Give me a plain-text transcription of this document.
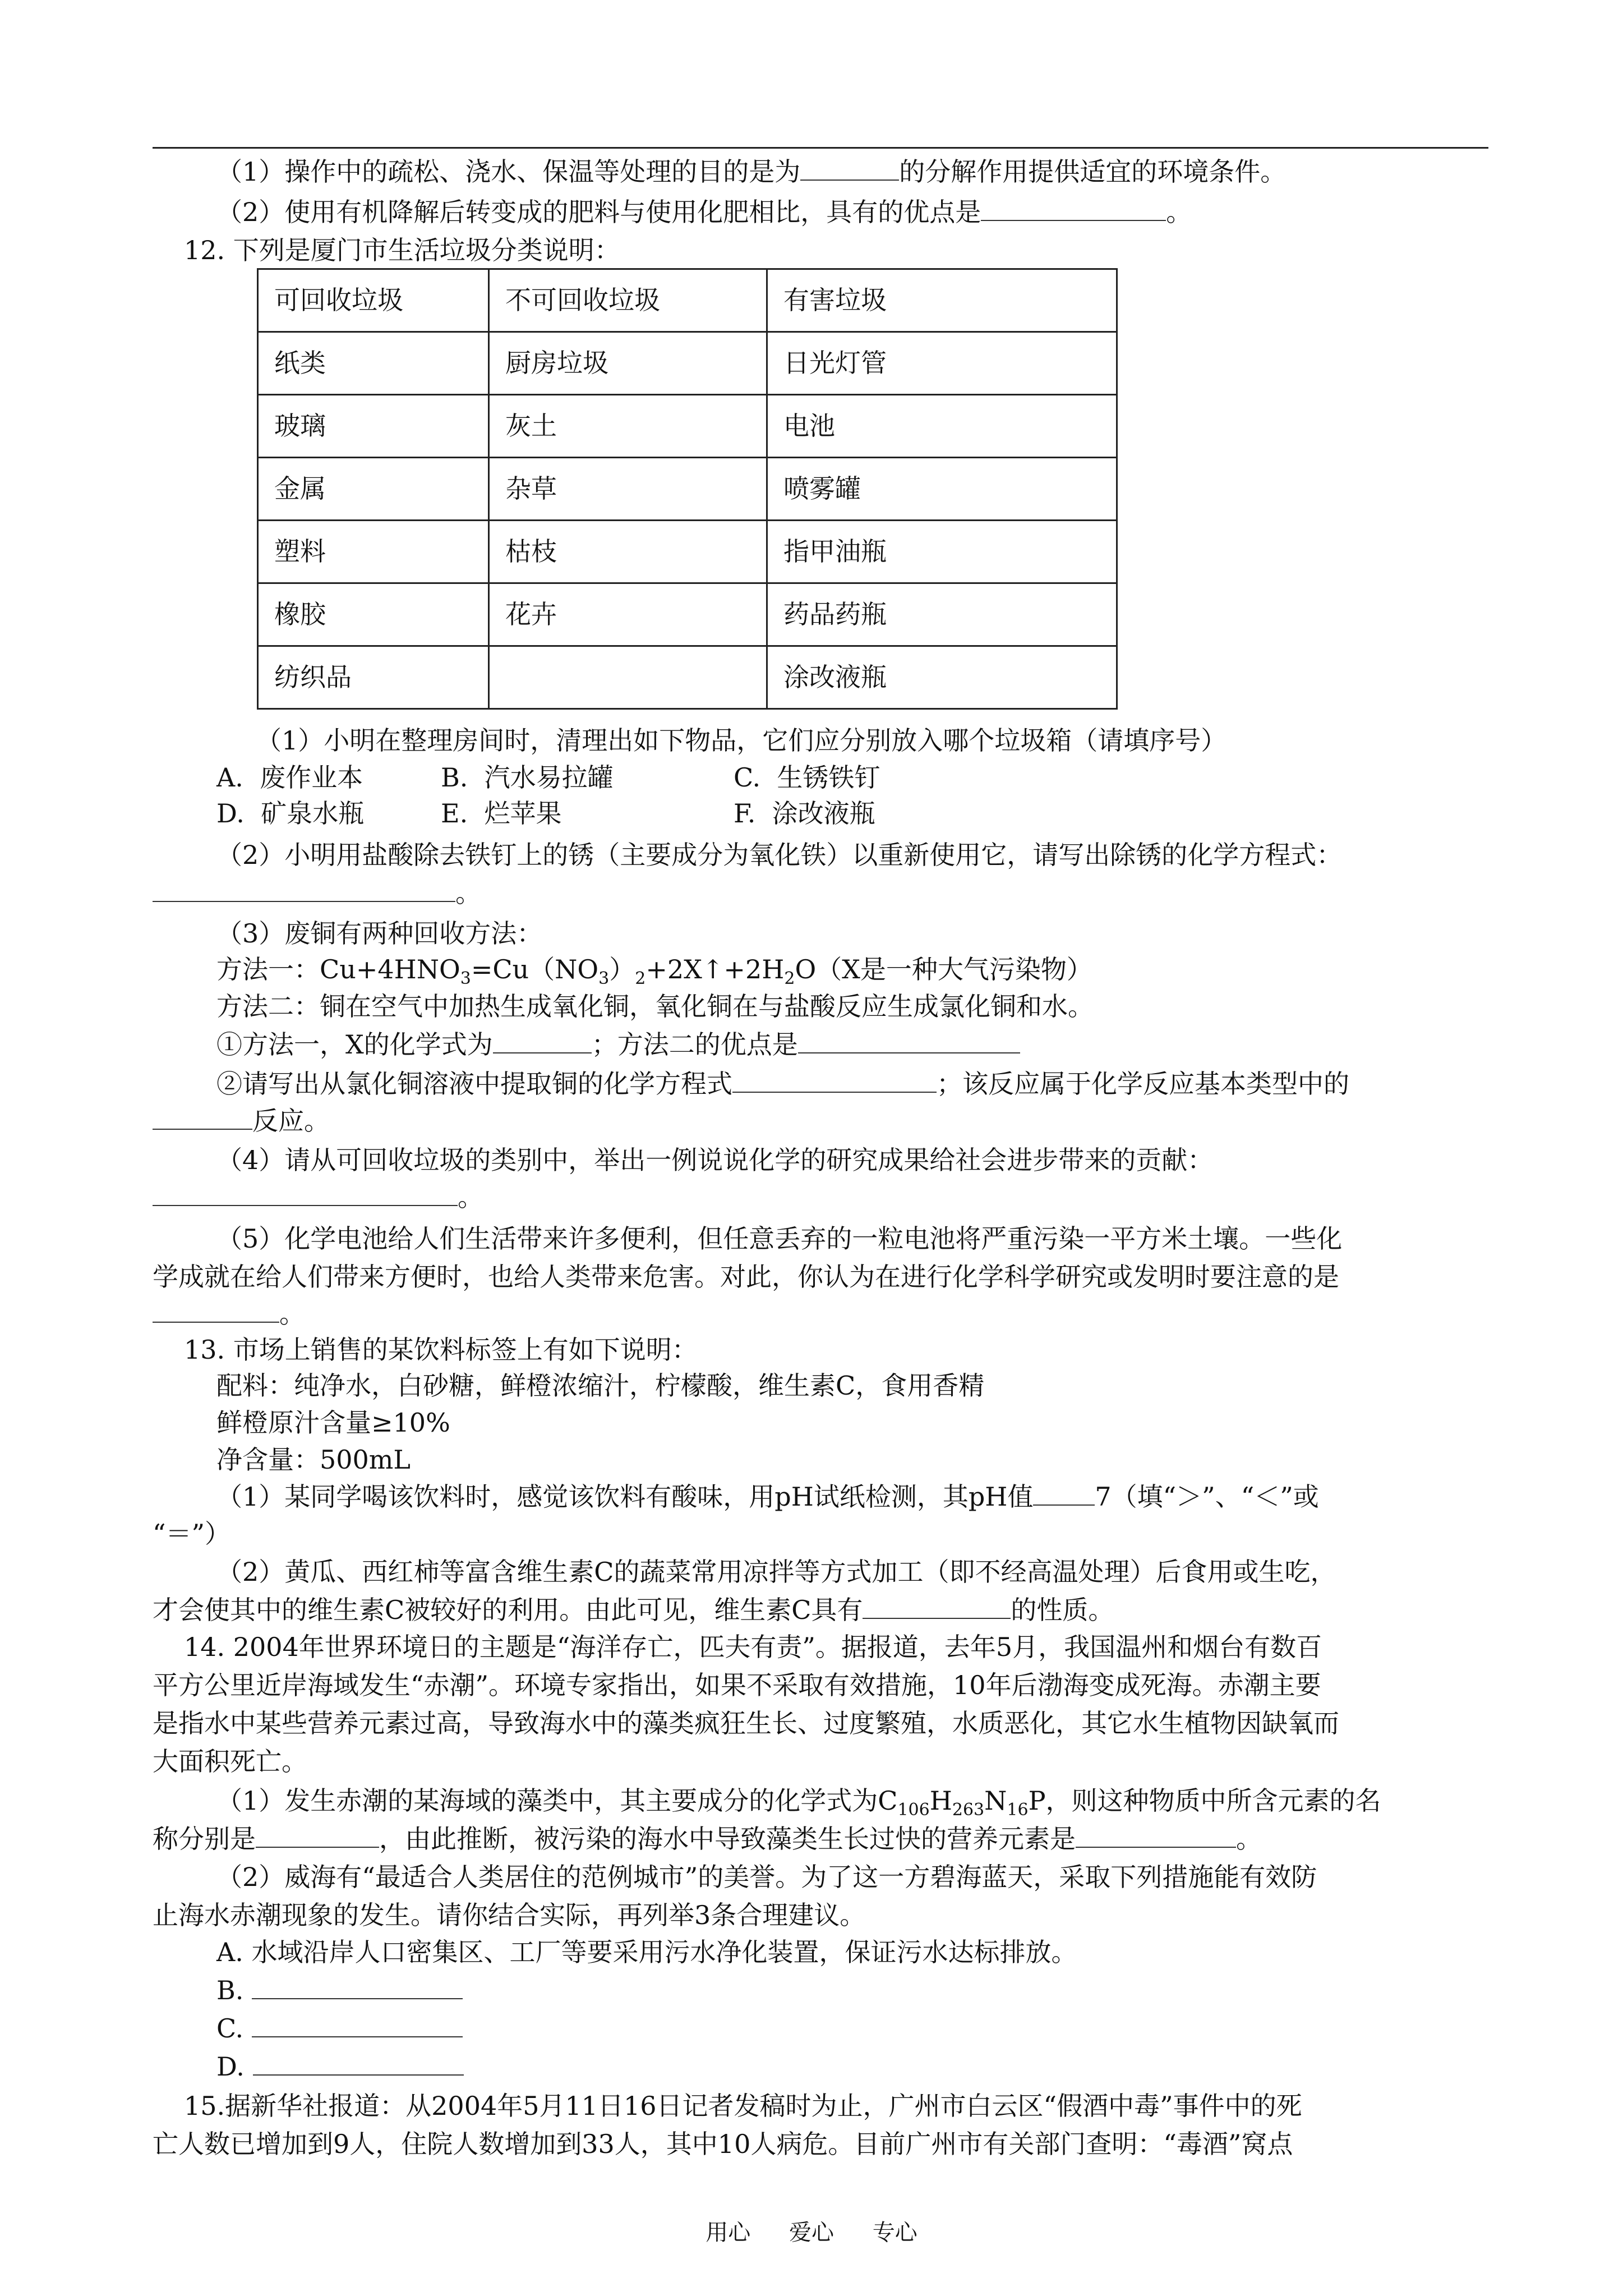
（1）操作中的疏松、浇水、保温等处理的目的是为	的分解作用提供适宜的环境条件。
（2）使用有机降解后转变成的肥料与使用化肥相比，具有的优点是	。
12. 下列是厦门市生活垃圾分类说明：
可回收垃圾	不可回收垃圾	有害垃圾
纸类	厨房垃圾	日光灯管
玻璃	灰土	电池
金属	杂草	喷雾罐
塑料	枯枝	指甲油瓶
橡胶	花卉	药品药瓶
纺织品		涂改液瓶
（1）小明在整理房间时，清理出如下物品，它们应分别放入哪个垃圾箱（请填序号）
A.  废作业本	B.  汽水易拉罐	C.  生锈铁钉
D.  矿泉水瓶	E.  烂苹果	F.  涂改液瓶
（2）小明用盐酸除去铁钉上的锈（主要成分为氧化铁）以重新使用它，请写出除锈的化学方程式：
。
（3）废铜有两种回收方法：
方法一：$Cu+4HNO_3=Cu(NO_3)_2+2X↑+2H_2O(X$是一种大气污染物）
方法二：铜在空气中加热生成氧化铜，氧化铜在与盐酸反应生成氯化铜和水。
①方法一，X的化学式为	；方法二的优点是
②请写出从氯化铜溶液中提取铜的化学方程式	；该反应属于化学反应基本类型中的
反应。
（4）请从可回收垃圾的类别中，举出一例说说化学的研究成果给社会进步带来的贡献：
。
（5）化学电池给人们生活带来许多便利，但任意丢弃的一粒电池将严重污染一平方米土壤。一些化
学成就在给人们带来方便时，也给人类带来危害。对此，你认为在进行化学科学研究或发明时要注意的是
。
13. 市场上销售的某饮料标签上有如下说明：
配料：纯净水，白砂糖，鲜橙浓缩汁，柠檬酸，维生素C，食用香精
鲜橙原汁含量≥10%
净含量：500mL
（1）某同学喝该饮料时，感觉该饮料有酸味，用pH试纸检测，其pH值 7（填“＞”、“＜”或
“＝”）
（2）黄瓜、西红柿等富含维生素C的蔬菜常用凉拌等方式加工（即不经高温处理）后食用或生吃，
才会使其中的维生素C被较好的利用。由此可见，维生素C具有	的性质。
14. 2004年世界环境日的主题是“海洋存亡，匹夫有责”。据报道，去年5月，我国温州和烟台有数百
平方公里近岸海域发生“赤潮”。环境专家指出，如果不采取有效措施，10年后渤海变成死海。赤潮主要
是指水中某些营养元素过高，导致海水中的藻类疯狂生长、过度繁殖，水质恶化，其它水生植物因缺氧而
大面积死亡。
（1）发生赤潮的某海域的藻类中，其主要成分的化学式为$C_{106}H_{263}N_{16}P$，则这种物质中所含元素的名
称分别是	，由此推断，被污染的海水中导致藻类生长过快的营养元素是	。
（2）威海有“最适合人类居住的范例城市”的美誉。为了这一方碧海蓝天，采取下列措施能有效防
止海水赤潮现象的发生。请你结合实际，再列举3条合理建议。
A. 水域沿岸人口密集区、工厂等要采用污水净化装置，保证污水达标排放。
B.
C.
D.
15.据新华社报道：从2004年5月11日16日记者发稿时为止，广州市白云区“假酒中毒”事件中的死
亡人数已增加到9人，住院人数增加到33人，其中10人病危。目前广州市有关部门查明：“毒酒”窝点
用心 爱心 专心
